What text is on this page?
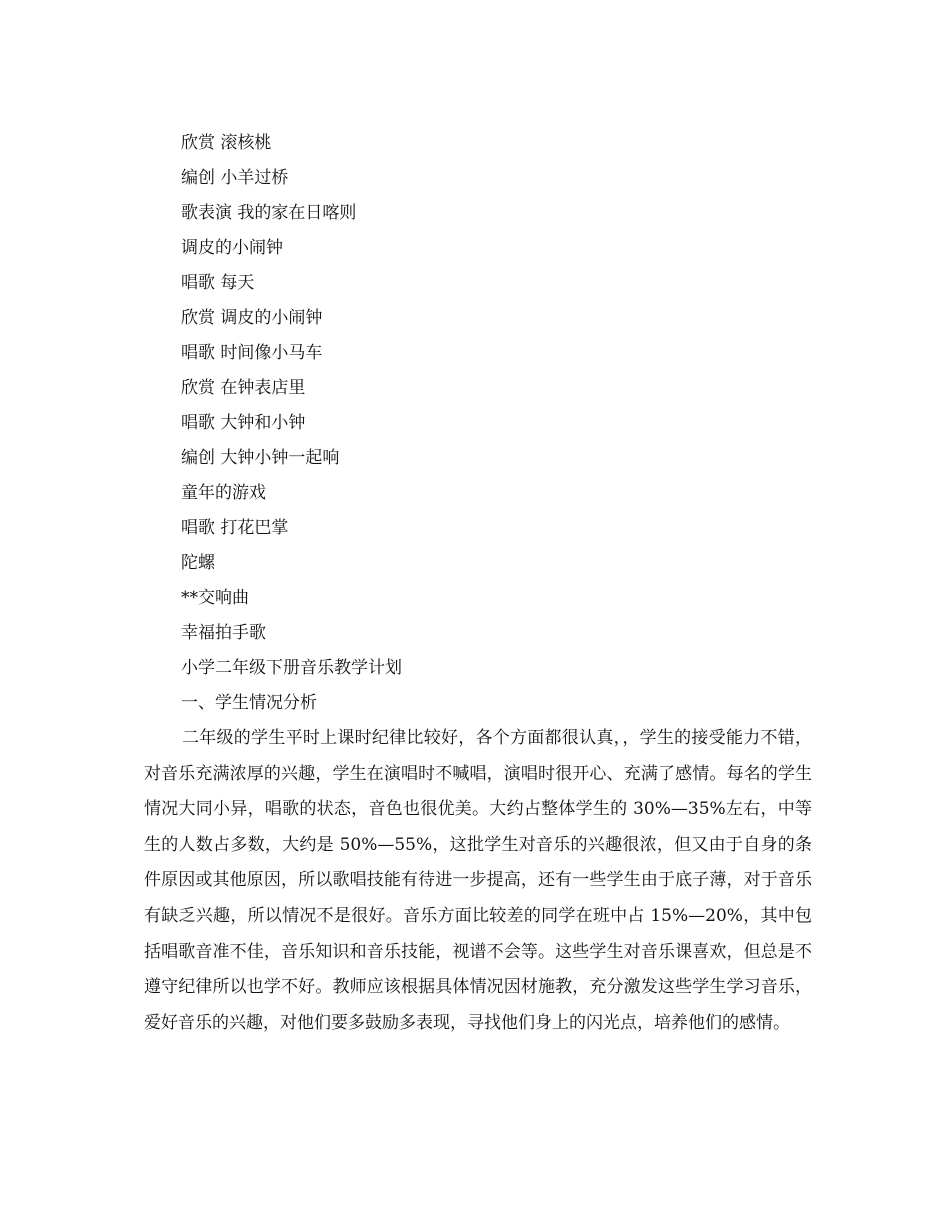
欣赏 滚核桃
编创 小羊过桥
歌表演 我的家在日喀则
调皮的小闹钟
唱歌 每天
欣赏 调皮的小闹钟
唱歌 时间像小马车
欣赏 在钟表店里
唱歌 大钟和小钟
编创 大钟小钟一起响
童年的游戏
唱歌 打花巴掌
陀螺
**交响曲
幸福拍手歌
小学二年级下册音乐教学计划
一、学生情况分析

二年级的学生平时上课时纪律比较好，各个方面都很认真，，学生的接受能力不错，对音乐充满浓厚的兴趣，学生在演唱时不喊唱，演唱时很开心、充满了感情。每名的学生情况大同小异，唱歌的状态，音色也很优美。大约占整体学生的 30%—35%左右，中等生的人数占多数，大约是 50%—55%，这批学生对音乐的兴趣很浓，但又由于自身的条件原因或其他原因，所以歌唱技能有待进一步提高，还有一些学生由于底子薄，对于音乐有缺乏兴趣，所以情况不是很好。音乐方面比较差的同学在班中占 15%—20%，其中包括唱歌音准不佳，音乐知识和音乐技能，视谱不会等。这些学生对音乐课喜欢，但总是不遵守纪律所以也学不好。教师应该根据具体情况因材施教，充分激发这些学生学习音乐，爱好音乐的兴趣，对他们要多鼓励多表现，寻找他们身上的闪光点，培养他们的感情。
